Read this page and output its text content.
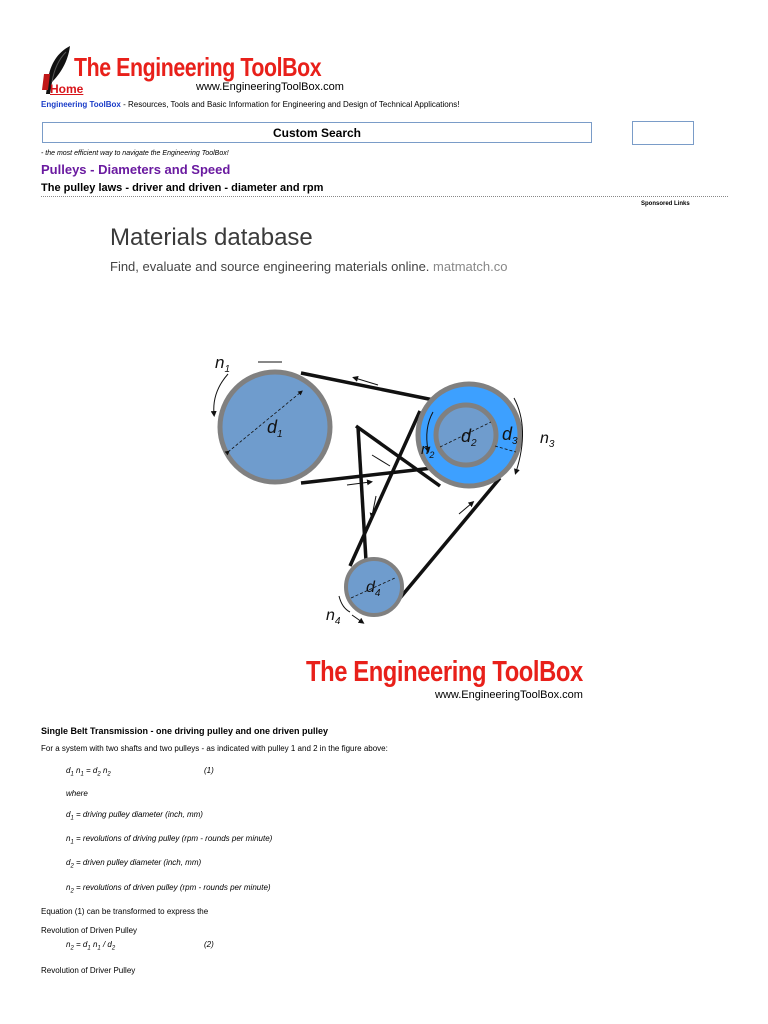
The Engineering ToolBox
Home	www.EngineeringToolBox.com
Engineering ToolBox - Resources, Tools and Basic Information for Engineering and Design of Technical Applications!
Custom Search
- the most efficient way to navigate the Engineering ToolBox!
Pulleys - Diameters and Speed
The pulley laws - driver and driven - diameter and rpm
Sponsored Links
Materials database
Find, evaluate and source engineering materials online. matmatch.co
$n_1$
$d_1$	$d_2$ $d_3$
$n_2$
$n_3$
$d_4$
$n_4$
The Engineering ToolBox
www.EngineeringToolBox.com
Single Belt Transmission - one driving pulley and one driven pulley
For a system with two shafts and two pulleys - as indicated with pulley 1 and 2 in the figure above:
$d_1$ $n_1 = d_2$ $n_2$	(1)
where
$d_1$ = driving pulley diameter (inch, mm)
$n_1$ = revolutions of driving pulley (rpm - rounds per minute)
$d_2$ = driven pulley diameter (inch, mm)
$n_2$ = revolutions of driven pulley (rpm - rounds per minute)
Equation (1) can be transformed to express the
Revolution of Driven Pulley
$n_2 = d_1$ $n_1 / d_2$	(2)
Revolution of Driver Pulley
